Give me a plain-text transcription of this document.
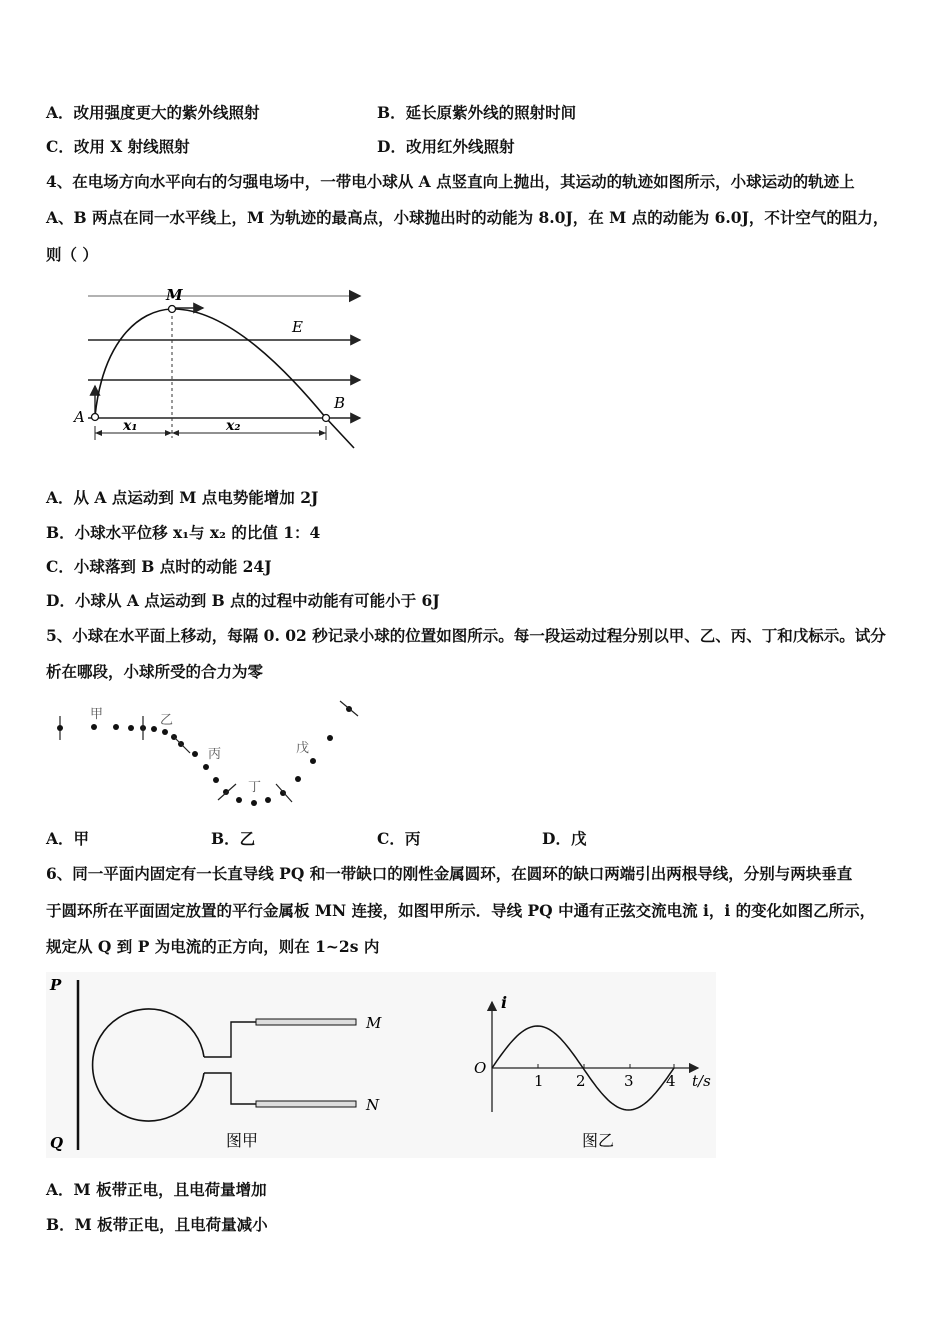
A．改用强度更大的紫外线照射	B．延长原紫外线的照射时间
C．改用 X 射线照射	D．改用红外线照射
4、在电场方向水平向右的匀强电场中，一带电小球从 A 点竖直向上抛出，其运动的轨迹如图所示，小球运动的轨迹上
A、B 两点在同一水平线上，M 为轨迹的最高点，小球抛出时的动能为 8.0J，在 M 点的动能为 6.0J，不计空气的阻力，
则（ ）
M
E
A
B
x₁	x₂
A．从 A 点运动到 M 点电势能增加 2J
B．小球水平位移 x₁与 x₂ 的比值 1：4
C．小球落到 B 点时的动能 24J
D．小球从 A 点运动到 B 点的过程中动能有可能小于 6J
5、小球在水平面上移动，每隔 0. 02 秒记录小球的位置如图所示。每一段运动过程分别以甲、乙、丙、丁和戊标示。试分
析在哪段，小球所受的合力为零
甲	乙
丙
丁
戊
A．甲	B．乙	C．丙	D．戊
6、同一平面内固定有一长直导线 PQ 和一带缺口的刚性金属圆环，在圆环的缺口两端引出两根导线，分别与两块垂直
于圆环所在平面固定放置的平行金属板 MN 连接，如图甲所示．导线 PQ 中通有正弦交流电流 i，i 的变化如图乙所示，
规定从 Q 到 P 为电流的正方向，则在 1~2s 内
P
Q
M
N
图甲
i
O
1 2	3 4 t/s
图乙
A．M 板带正电，且电荷量增加
B．M 板带正电，且电荷量减小
